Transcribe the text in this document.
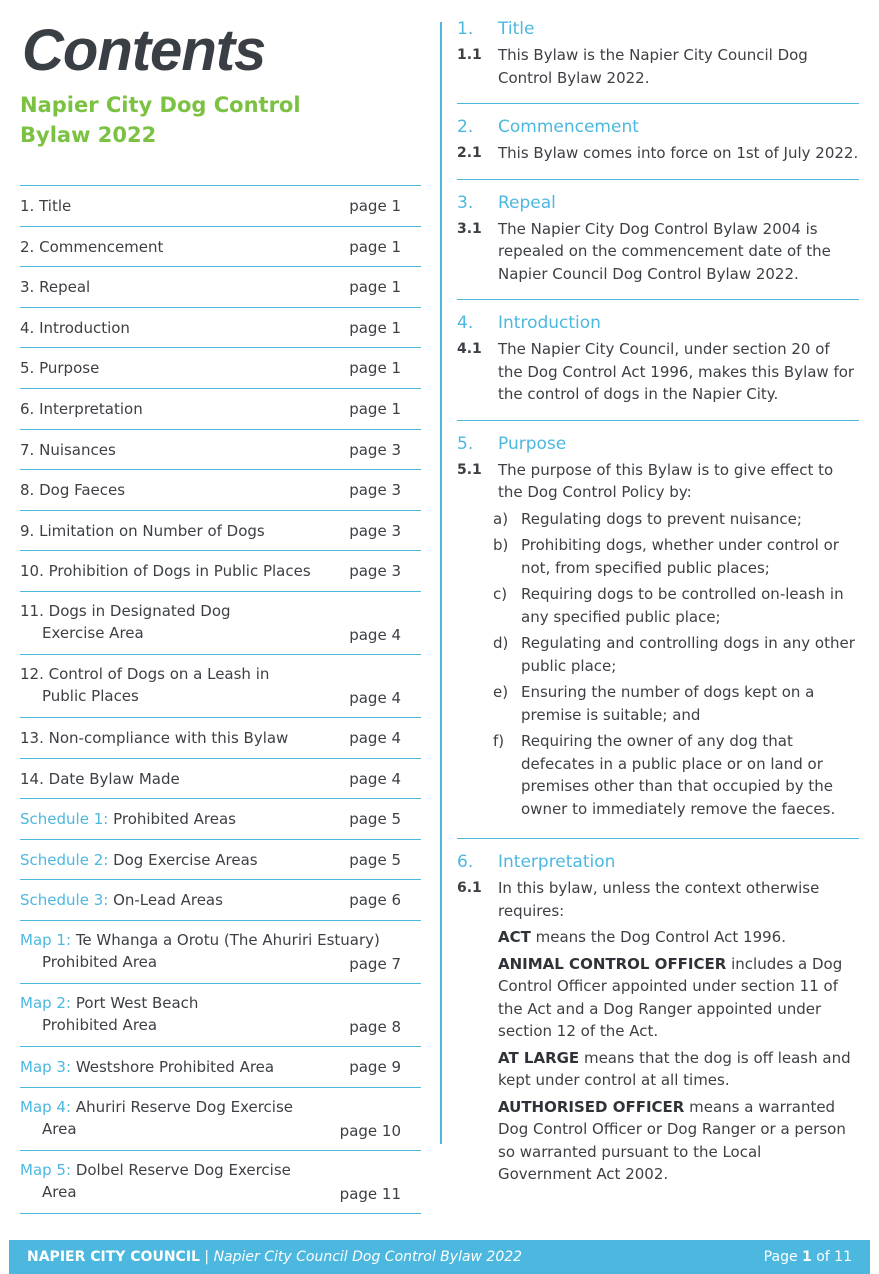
Contents
Napier City Dog Control Bylaw 2022
1. Title	page 1
2. Commencement	page 1
3. Repeal	page 1
4. Introduction	page 1
5. Purpose	page 1
6. Interpretation	page 1
7. Nuisances	page 3
8. Dog Faeces	page 3
9. Limitation on Number of Dogs	page 3
10. Prohibition of Dogs in Public Places	page 3
11. Dogs in Designated Dog
Exercise Area	page 4
12. Control of Dogs on a Leash in
Public Places	page 4
13. Non-compliance with this Bylaw	page 4
14. Date Bylaw Made	page 4
Schedule 1: Prohibited Areas	page 5
Schedule 2: Dog Exercise Areas	page 5
Schedule 3: On-Lead Areas	page 6
Map 1: Te Whanga a Orotu (The Ahuriri Estuary)
Prohibited Area	page 7
Map 2: Port West Beach
Prohibited Area	page 8
Map 3: Westshore Prohibited Area	page 9
Map 4: Ahuriri Reserve Dog Exercise
Area	page 10
Map 5: Dolbel Reserve Dog Exercise
Area	page 11
1.	Title
1.1	This Bylaw is the Napier City Council Dog Control Bylaw 2022.
2.	Commencement
2.1	This Bylaw comes into force on 1st of July 2022.
3.	Repeal
3.1	The Napier City Dog Control Bylaw 2004 is repealed on the commencement date of the Napier Council Dog Control Bylaw 2022.
4.	Introduction
4.1	The Napier City Council, under section 20 of the Dog Control Act 1996, makes this Bylaw for the control of dogs in the Napier City.
5.	Purpose
5.1	The purpose of this Bylaw is to give effect to the Dog Control Policy by:
a) Regulating dogs to prevent nuisance;
b) Prohibiting dogs, whether under control or not, from specified public places;
c) Requiring dogs to be controlled on-leash in any specified public place;
d) Regulating and controlling dogs in any other public place;
e) Ensuring the number of dogs kept on a premise is suitable; and
f)	Requiring the owner of any dog that defecates in a public place or on land or premises other than that occupied by the owner to immediately remove the faeces.
6.	Interpretation
6.1	In this bylaw, unless the context otherwise requires:
ACT means the Dog Control Act 1996.
ANIMAL CONTROL OFFICER includes a Dog Control Officer appointed under section 11 of the Act and a Dog Ranger appointed under section 12 of the Act.
AT LARGE means that the dog is off leash and kept under control at all times.
AUTHORISED OFFICER means a warranted Dog Control Officer or Dog Ranger or a person so warranted pursuant to the Local Government Act 2002.
NAPIER CITY COUNCIL | Napier City Council Dog Control Bylaw 2022	Page 1 of 11
